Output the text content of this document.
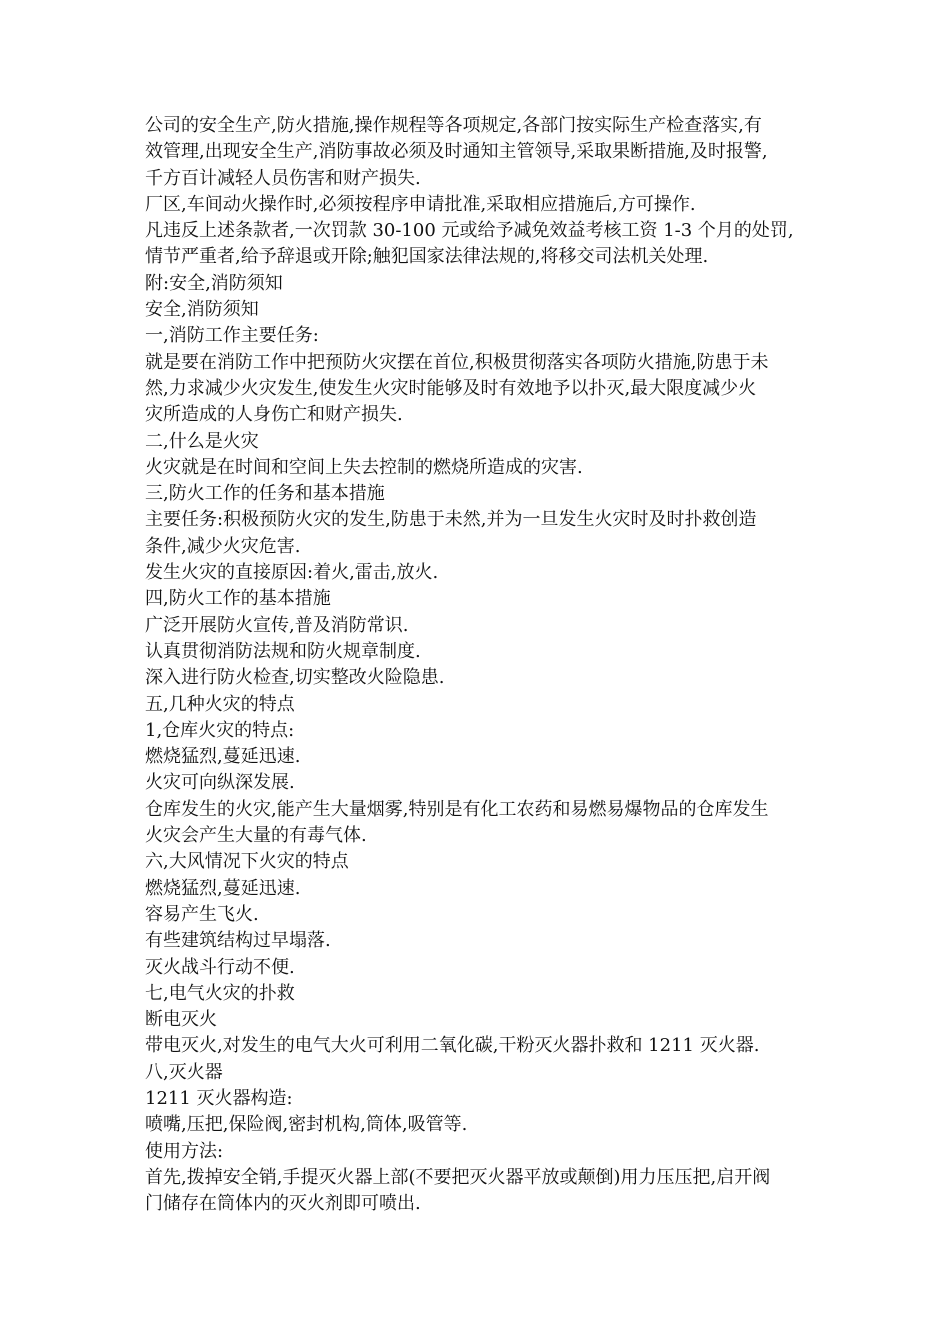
公司的安全生产,防火措施,操作规程等各项规定,各部门按实际生产检查落实,有
效管理,出现安全生产,消防事故必须及时通知主管领导,采取果断措施,及时报警,
千方百计减轻人员伤害和财产损失.
厂区,车间动火操作时,必须按程序申请批准,采取相应措施后,方可操作.
凡违反上述条款者,一次罚款 30-100 元或给予减免效益考核工资 1-3 个月的处罚,
情节严重者,给予辞退或开除;触犯国家法律法规的,将移交司法机关处理.
附:安全,消防须知
安全,消防须知
一,消防工作主要任务:
就是要在消防工作中把预防火灾摆在首位,积极贯彻落实各项防火措施,防患于未
然,力求减少火灾发生,使发生火灾时能够及时有效地予以扑灭,最大限度减少火
灾所造成的人身伤亡和财产损失.
二,什么是火灾
火灾就是在时间和空间上失去控制的燃烧所造成的灾害.
三,防火工作的任务和基本措施
主要任务:积极预防火灾的发生,防患于未然,并为一旦发生火灾时及时扑救创造
条件,减少火灾危害.
发生火灾的直接原因:着火,雷击,放火.
四,防火工作的基本措施
广泛开展防火宣传,普及消防常识.
认真贯彻消防法规和防火规章制度.
深入进行防火检查,切实整改火险隐患.
五,几种火灾的特点
1,仓库火灾的特点:
燃烧猛烈,蔓延迅速.
火灾可向纵深发展.
仓库发生的火灾,能产生大量烟雾,特别是有化工农药和易燃易爆物品的仓库发生
火灾会产生大量的有毒气体.
六,大风情况下火灾的特点
燃烧猛烈,蔓延迅速.
容易产生飞火.
有些建筑结构过早塌落.
灭火战斗行动不便.
七,电气火灾的扑救
断电灭火
带电灭火,对发生的电气大火可利用二氧化碳,干粉灭火器扑救和 1211 灭火器.
八,灭火器
1211 灭火器构造:
喷嘴,压把,保险阀,密封机构,筒体,吸管等.
使用方法:
首先,拨掉安全销,手提灭火器上部(不要把灭火器平放或颠倒)用力压压把,启开阀
门储存在筒体内的灭火剂即可喷出.
